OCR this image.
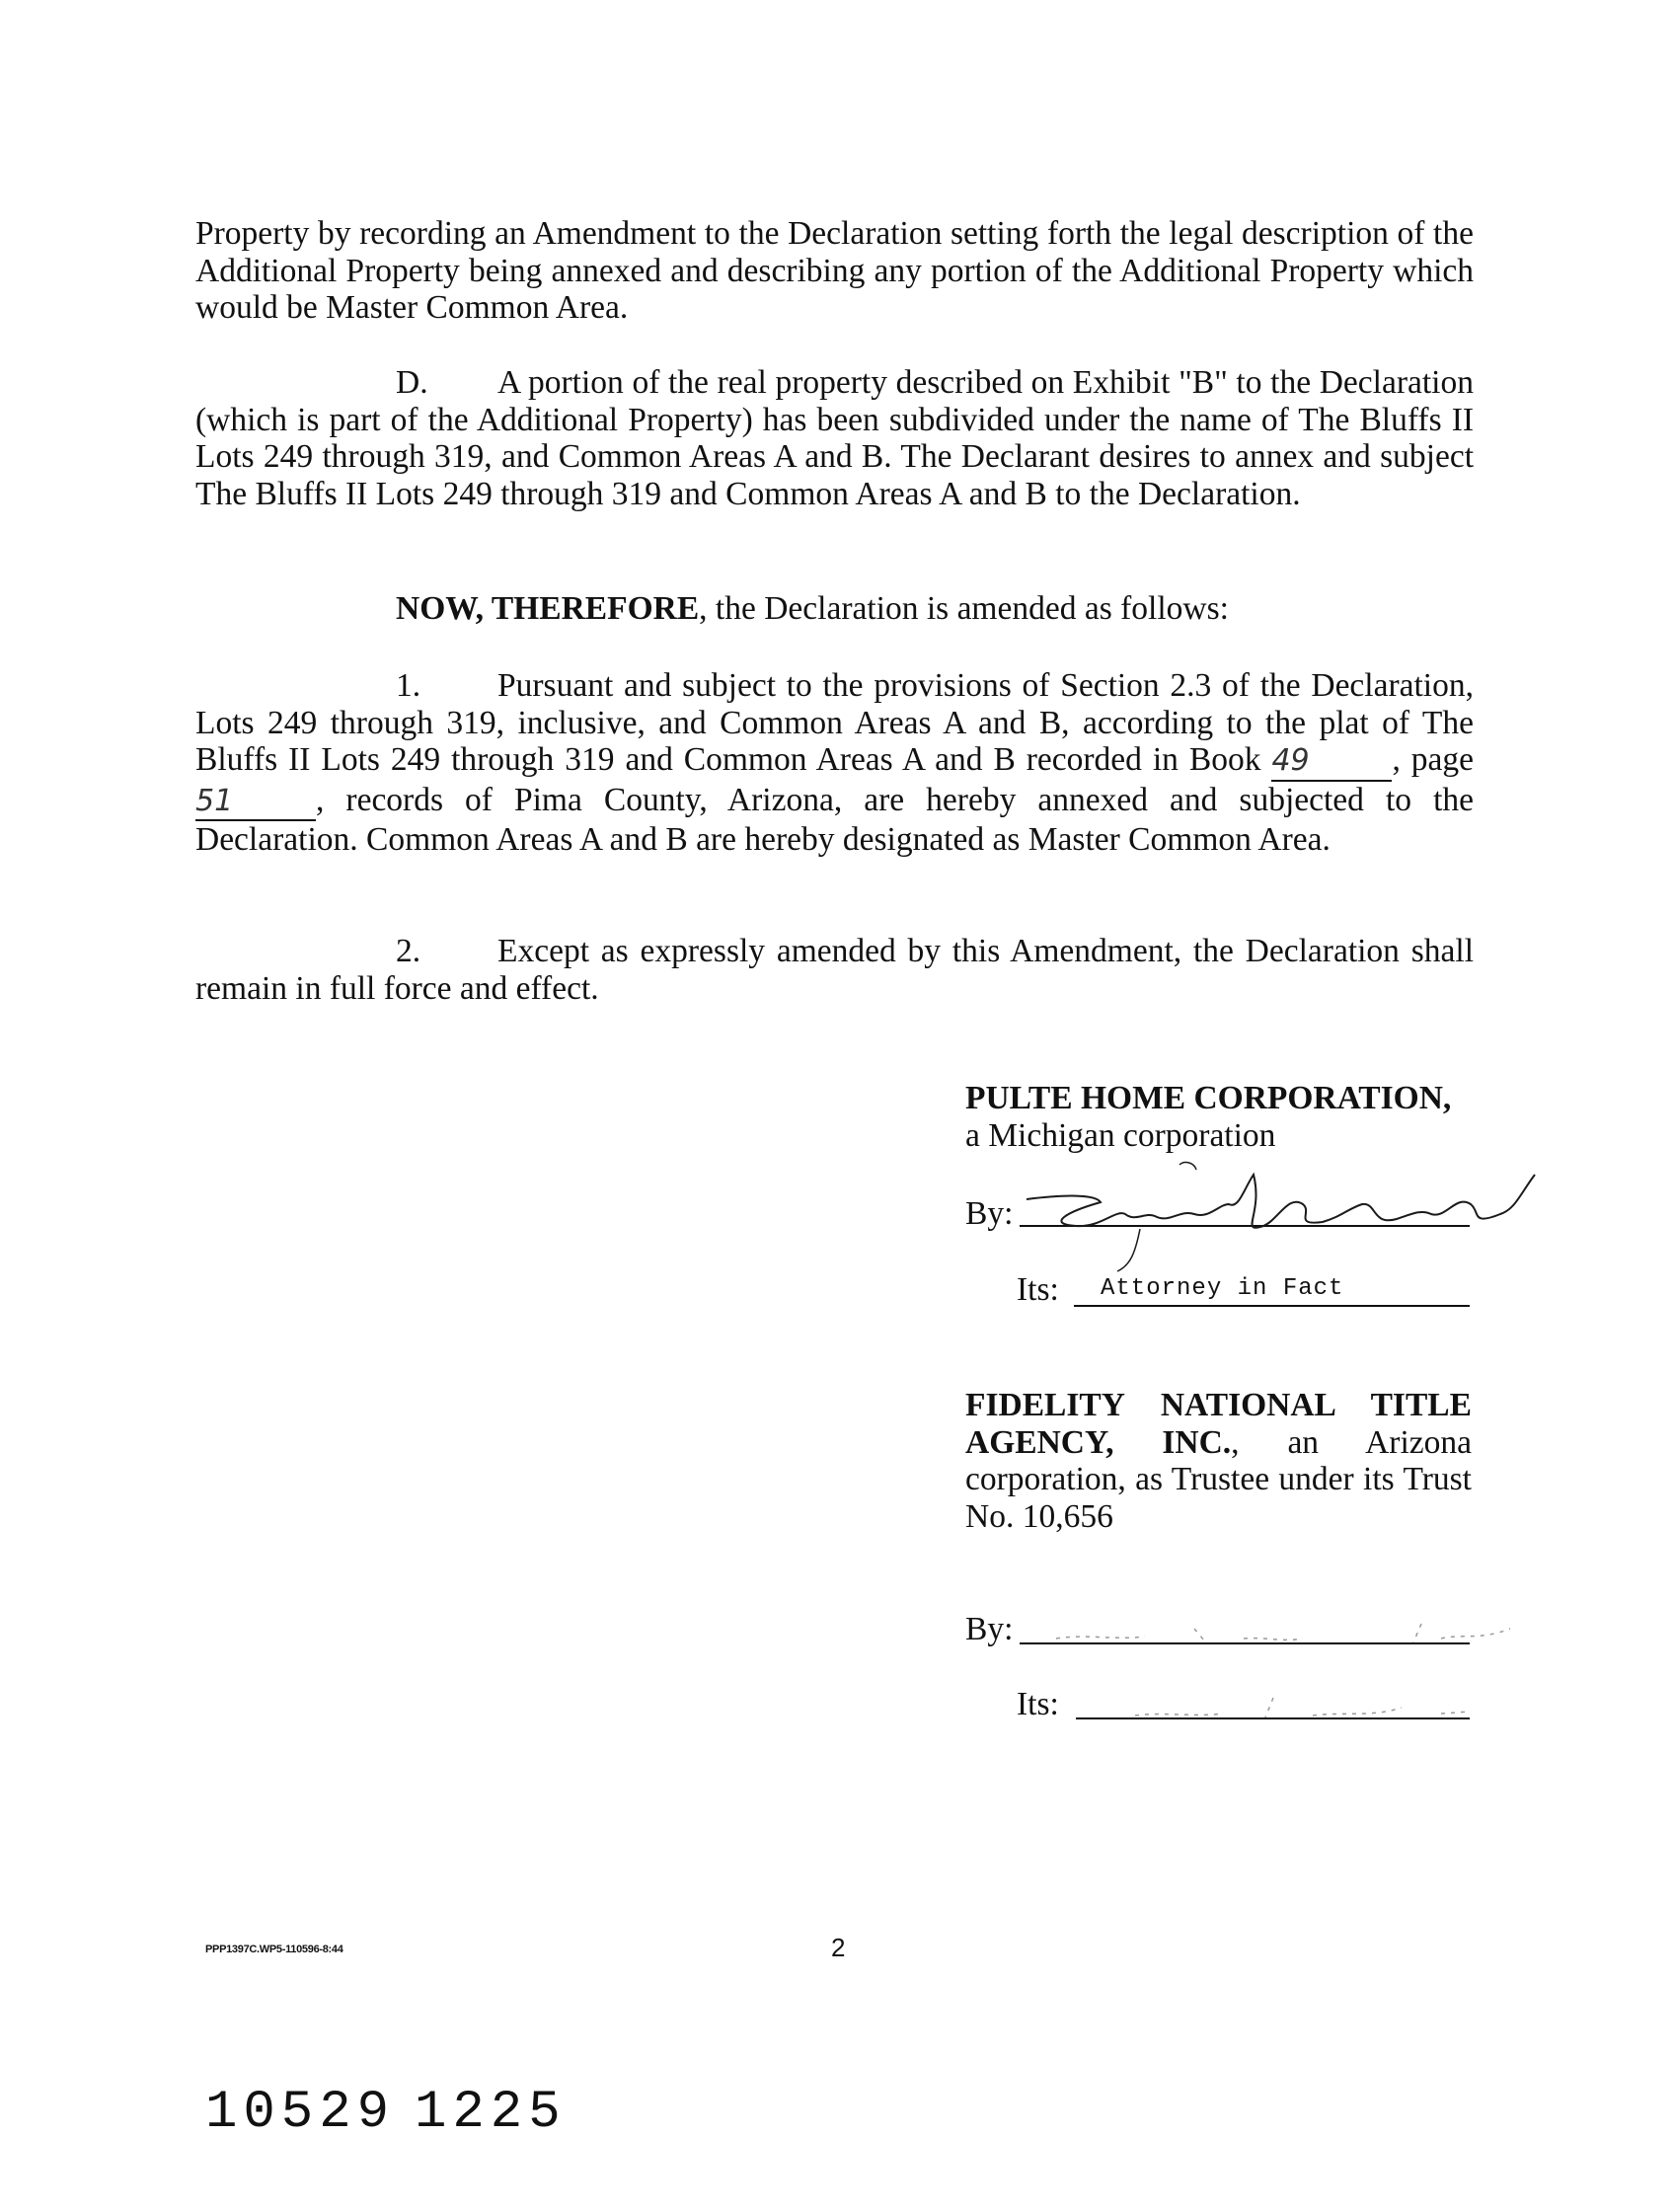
Property by recording an Amendment to the Declaration setting forth the legal description of the Additional Property being annexed and describing any portion of the Additional Property which would be Master Common Area.
D. A portion of the real property described on Exhibit "B" to the Declaration (which is part of the Additional Property) has been subdivided under the name of The Bluffs II Lots 249 through 319, and Common Areas A and B. The Declarant desires to annex and subject The Bluffs II Lots 249 through 319 and Common Areas A and B to the Declaration.
NOW, THEREFORE, the Declaration is amended as follows:
1. Pursuant and subject to the provisions of Section 2.3 of the Declaration, Lots 249 through 319, inclusive, and Common Areas A and B, according to the plat of The Bluffs II Lots 249 through 319 and Common Areas A and B recorded in Book 49	, page 51	, records of Pima County, Arizona, are hereby annexed and subjected to the Declaration. Common Areas A and B are hereby designated as Master Common Area.
2. Except as expressly amended by this Amendment, the Declaration shall remain in full force and effect.
PULTE HOME CORPORATION,
a Michigan corporation
By:
Its: Attorney in Fact
FIDELITY NATIONAL TITLE AGENCY, INC., an Arizona corporation, as Trustee under its Trust No. 10,656
By:
Its:
PPP1397C.WP5-110596-8:44	2
10529 1225
